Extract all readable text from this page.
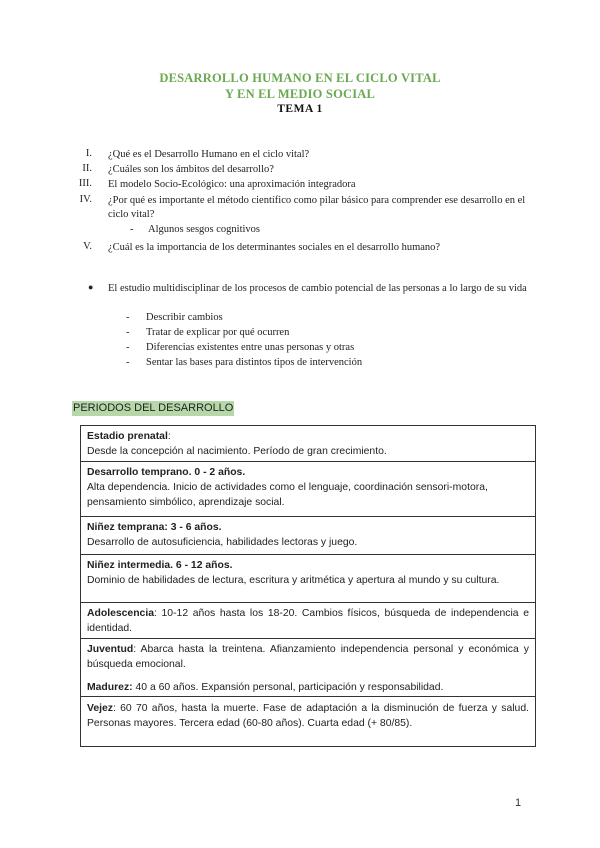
DESARROLLO HUMANO EN EL CICLO VITAL
Y EN EL MEDIO SOCIAL
TEMA 1
I. ¿Qué es el Desarrollo Humano en el ciclo vital?
II. ¿Cuáles son los ámbitos del desarrollo?
III. El modelo Socio-Ecológico: una aproximación integradora
IV. ¿Por qué es importante el método científico como pilar básico para comprender ese desarrollo en el ciclo vital?
- Algunos sesgos cognitivos
V. ¿Cuál es la importancia de los determinantes sociales en el desarrollo humano?
● El estudio multidisciplinar de los procesos de cambio potencial de las personas a lo largo de su vida
- Describir cambios
- Tratar de explicar por qué ocurren
- Diferencias existentes entre unas personas y otras
- Sentar las bases para distintos tipos de intervención
PERIODOS DEL DESARROLLO
Estadio prenatal:
Desde la concepción al nacimiento. Período de gran crecimiento.
Desarrollo temprano. 0 - 2 años.
Alta dependencia. Inicio de actividades como el lenguaje, coordinación sensori-motora, pensamiento simbólico, aprendizaje social.
Niñez temprana: 3 - 6 años.
Desarrollo de autosuficiencia, habilidades lectoras y juego.
Niñez intermedia. 6 - 12 años.
Dominio de habilidades de lectura, escritura y aritmética y apertura al mundo y su cultura.
Adolescencia: 10-12 años hasta los 18-20. Cambios físicos, búsqueda de independencia e identidad.
Juventud: Abarca hasta la treintena. Afianzamiento independencia personal y económica y búsqueda emocional.
Madurez: 40 a 60 años. Expansión personal, participación y responsabilidad.
Vejez: 60 70 años, hasta la muerte. Fase de adaptación a la disminución de fuerza y salud. Personas mayores. Tercera edad (60-80 años). Cuarta edad (+ 80/85).
1
